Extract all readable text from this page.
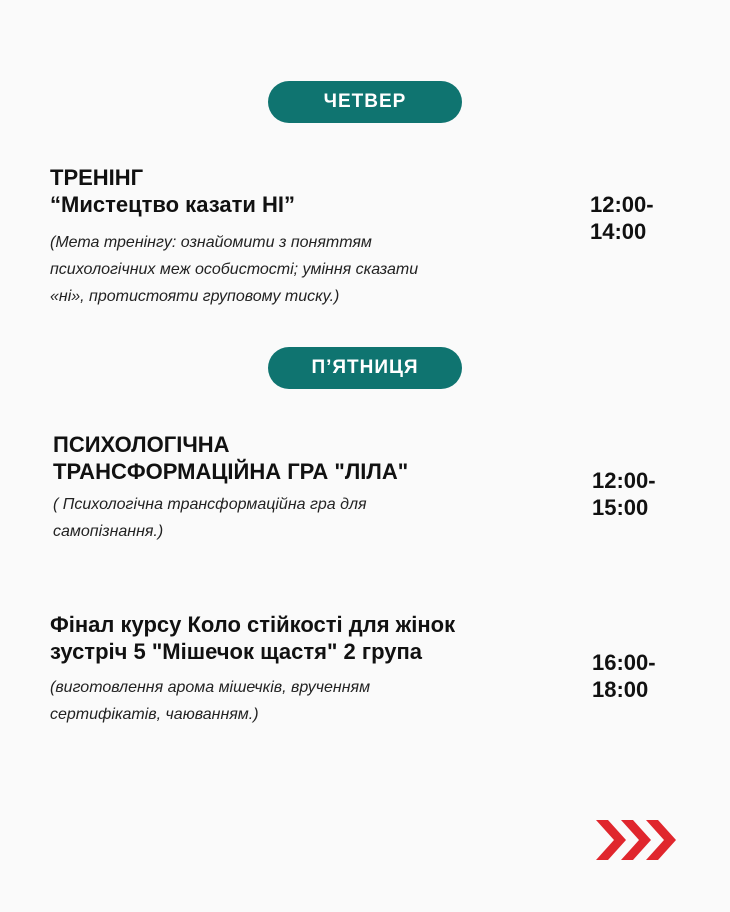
ЧЕТВЕР
ТРЕНІНГ
“Мистецтво казати НІ”
(Мета тренінгу: ознайомити з поняттям
психологічних меж особистості; уміння сказати
«ні», протистояти груповому тиску.)
12:00-
14:00
П’ЯТНИЦЯ
ПСИХОЛОГІЧНА
ТРАНСФОРМАЦІЙНА ГРА "ЛІЛА"
( Психологічна трансформаційна гра для
самопізнання.)
12:00-
15:00
Фінал курсу Коло стійкості для жінок
зустріч 5 "Мішечок щастя" 2 група
(виготовлення арома мішечків, врученням
сертифікатів, чаюванням.)
16:00-
18:00
